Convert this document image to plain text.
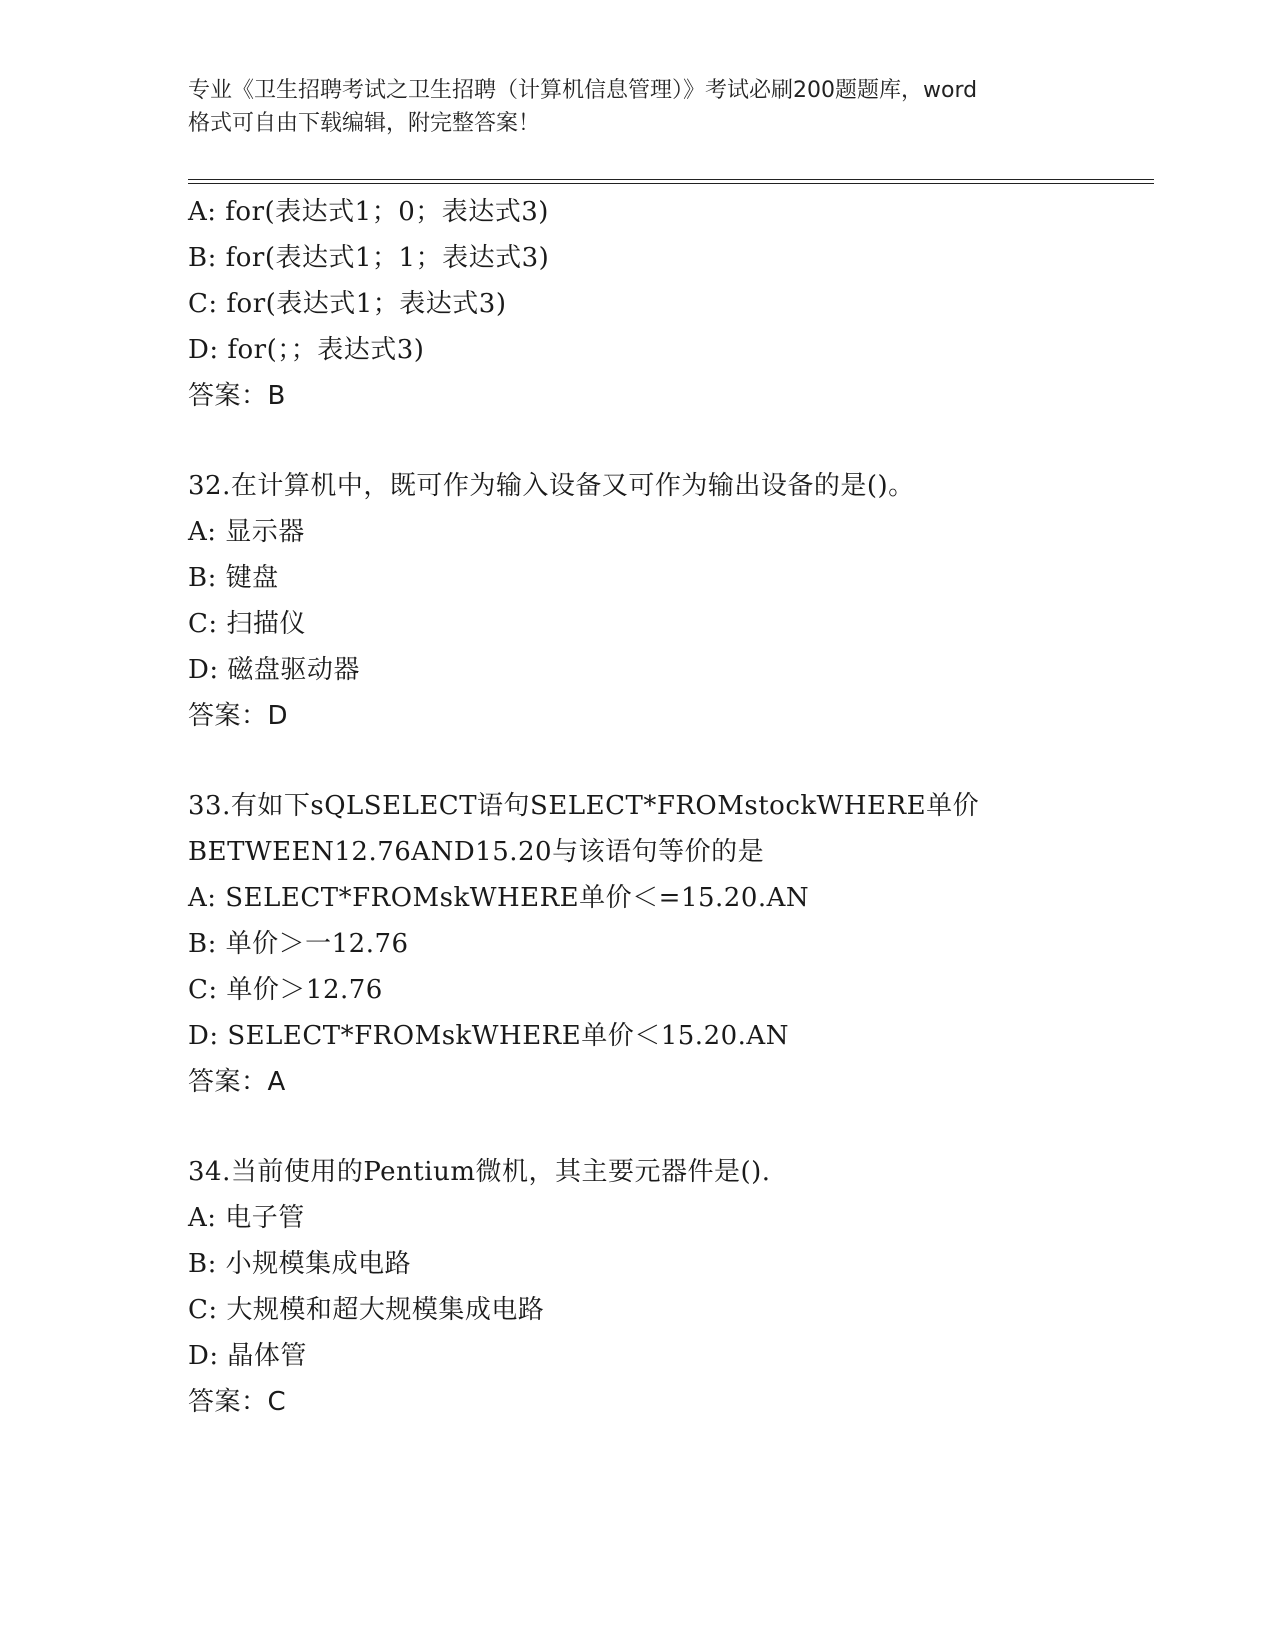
专业《卫生招聘考试之卫生招聘（计算机信息管理）》考试必刷200题题库，word
格式可自由下载编辑，附完整答案！
A: for(表达式1；0；表达式3)
B: for(表达式1；1；表达式3)
C: for(表达式1；表达式3)
D: for(；；表达式3)
答案：B
32.在计算机中，既可作为输入设备又可作为输出设备的是()。
A: 显示器
B: 键盘
C: 扫描仪
D: 磁盘驱动器
答案：D
33.有如下sQLSELECT语句SELECT*FROMstockWHERE单价
BETWEEN12.76AND15.20与该语句等价的是
A: SELECT*FROMskWHERE单价＜=15.20.AN
B: 单价＞一12.76
C: 单价＞12.76
D: SELECT*FROMskWHERE单价＜15.20.AN
答案：A
34.当前使用的Pentium微机，其主要元器件是().
A: 电子管
B: 小规模集成电路
C: 大规模和超大规模集成电路
D: 晶体管
答案：C
